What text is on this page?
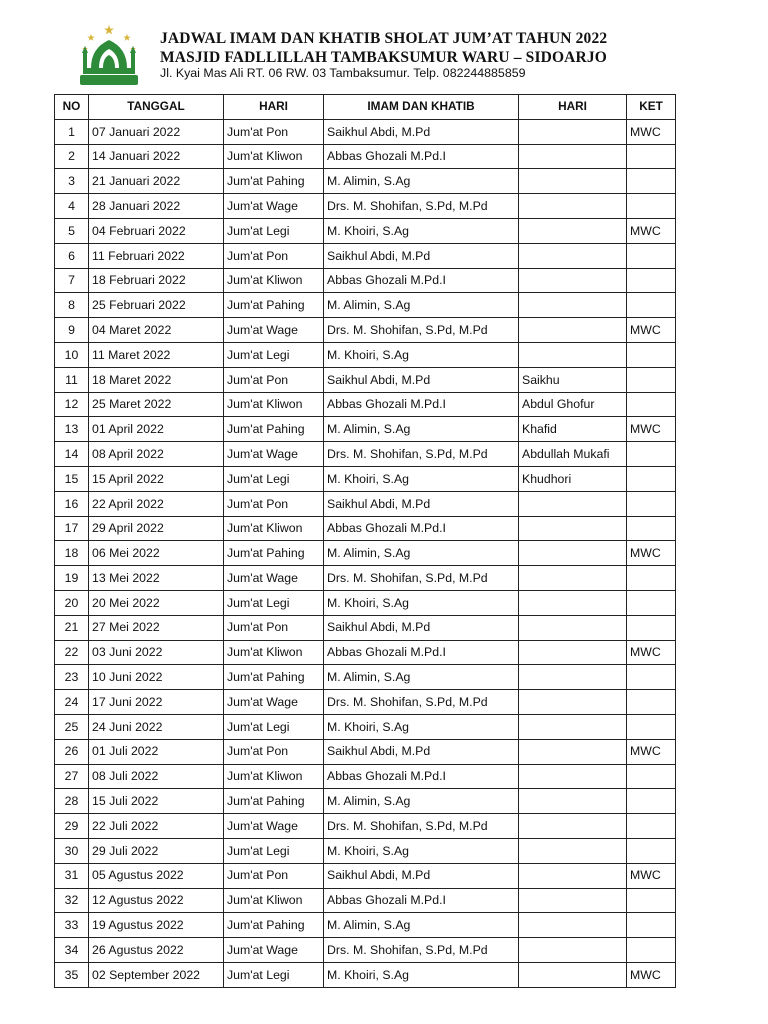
JADWAL IMAM DAN KHATIB SHOLAT JUM’AT TAHUN 2022
MASJID FADLLILLAH TAMBAKSUMUR WARU – SIDOARJO
Jl. Kyai Mas Ali RT. 06 RW. 03 Tambaksumur. Telp. 082244885859
NO	TANGGAL	HARI	IMAM DAN KHATIB	HARI	KET
1	07 Januari 2022	Jum'at Pon	Saikhul Abdi, M.Pd		MWC
2	14 Januari 2022	Jum'at Kliwon	Abbas Ghozali M.Pd.I		
3	21 Januari 2022	Jum'at Pahing	M. Alimin, S.Ag		
4	28 Januari 2022	Jum'at Wage	Drs. M. Shohifan, S.Pd, M.Pd		
5	04 Februari 2022	Jum'at Legi	M. Khoiri, S.Ag		MWC
6	11 Februari 2022	Jum'at Pon	Saikhul Abdi, M.Pd		
7	18 Februari 2022	Jum'at Kliwon	Abbas Ghozali M.Pd.I		
8	25 Februari 2022	Jum'at Pahing	M. Alimin, S.Ag		
9	04 Maret 2022	Jum'at Wage	Drs. M. Shohifan, S.Pd, M.Pd		MWC
10	11 Maret 2022	Jum'at Legi	M. Khoiri, S.Ag		
11	18 Maret 2022	Jum'at Pon	Saikhul Abdi, M.Pd	Saikhu	
12	25 Maret 2022	Jum'at Kliwon	Abbas Ghozali M.Pd.I	Abdul Ghofur	
13	01 April 2022	Jum'at Pahing	M. Alimin, S.Ag	Khafid	MWC
14	08 April 2022	Jum'at Wage	Drs. M. Shohifan, S.Pd, M.Pd	Abdullah Mukafi	
15	15 April 2022	Jum'at Legi	M. Khoiri, S.Ag	Khudhori	
16	22 April 2022	Jum'at Pon	Saikhul Abdi, M.Pd		
17	29 April 2022	Jum'at Kliwon	Abbas Ghozali M.Pd.I		
18	06 Mei 2022	Jum'at Pahing	M. Alimin, S.Ag		MWC
19	13 Mei 2022	Jum'at Wage	Drs. M. Shohifan, S.Pd, M.Pd		
20	20 Mei 2022	Jum'at Legi	M. Khoiri, S.Ag		
21	27 Mei 2022	Jum'at Pon	Saikhul Abdi, M.Pd		
22	03 Juni 2022	Jum'at Kliwon	Abbas Ghozali M.Pd.I		MWC
23	10 Juni 2022	Jum'at Pahing	M. Alimin, S.Ag		
24	17 Juni 2022	Jum'at Wage	Drs. M. Shohifan, S.Pd, M.Pd		
25	24 Juni 2022	Jum'at Legi	M. Khoiri, S.Ag		
26	01 Juli 2022	Jum'at Pon	Saikhul Abdi, M.Pd		MWC
27	08 Juli 2022	Jum'at Kliwon	Abbas Ghozali M.Pd.I		
28	15 Juli 2022	Jum'at Pahing	M. Alimin, S.Ag		
29	22 Juli 2022	Jum'at Wage	Drs. M. Shohifan, S.Pd, M.Pd		
30	29 Juli 2022	Jum'at Legi	M. Khoiri, S.Ag		
31	05 Agustus 2022	Jum'at Pon	Saikhul Abdi, M.Pd		MWC
32	12 Agustus 2022	Jum'at Kliwon	Abbas Ghozali M.Pd.I		
33	19 Agustus 2022	Jum'at Pahing	M. Alimin, S.Ag		
34	26 Agustus 2022	Jum'at Wage	Drs. M. Shohifan, S.Pd, M.Pd		
35	02 September 2022	Jum'at Legi	M. Khoiri, S.Ag		MWC
